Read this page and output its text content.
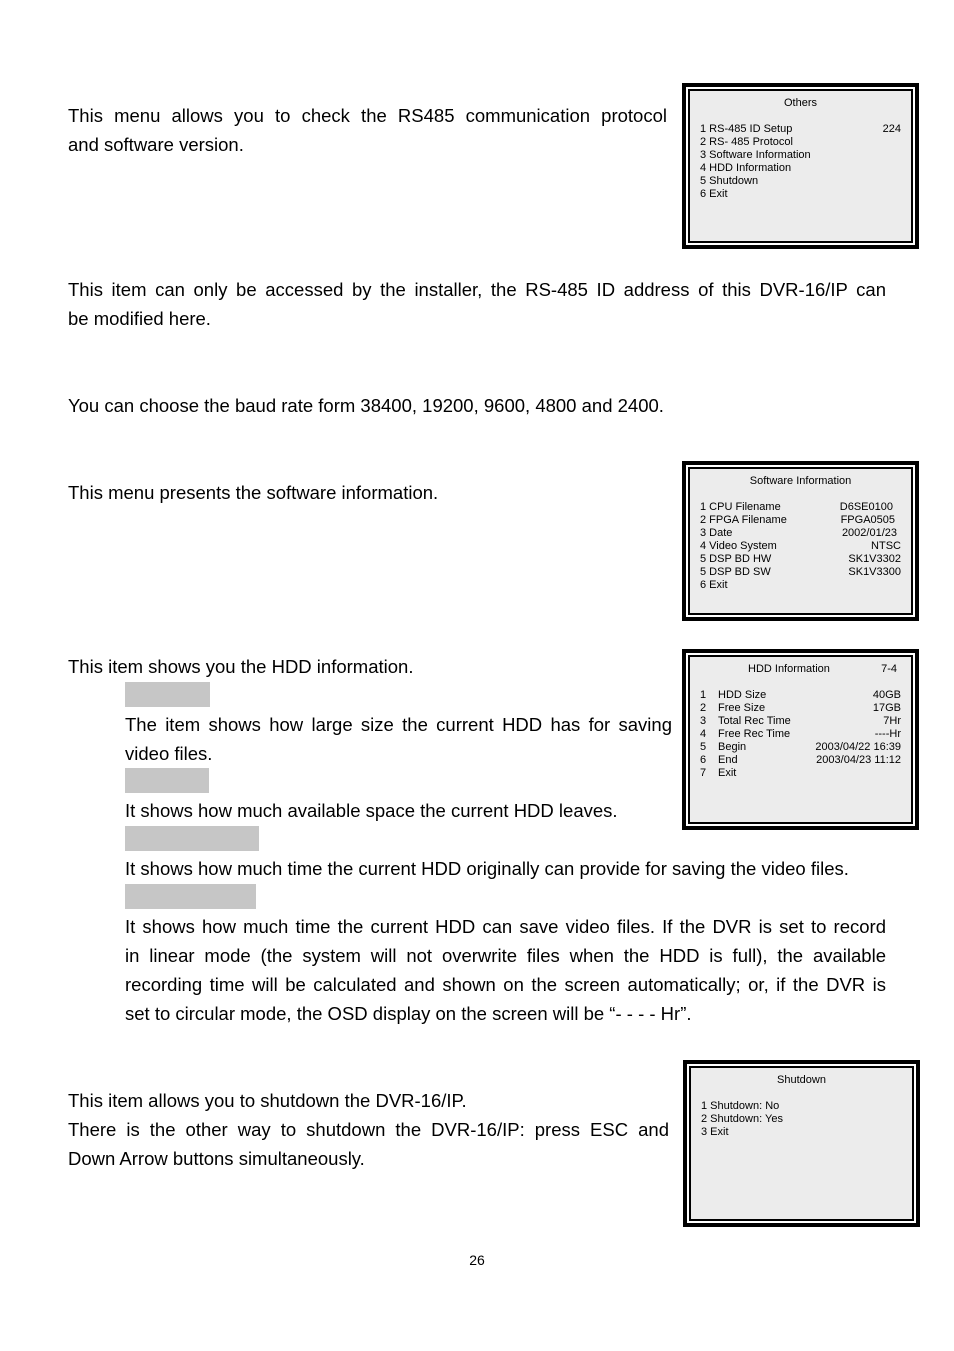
This menu allows you to check the RS485 communication protocol
and software version.
This item can only be accessed by the installer, the RS-485 ID address of this DVR-16/IP can
be modified here.
You can choose the baud rate form 38400, 19200, 9600, 4800 and 2400.
This menu presents the software information.
This item shows you the HDD information.
The item shows how large size the current HDD has for saving
video files.
It shows how much available space the current HDD leaves.
It shows how much time the current HDD originally can provide for saving the video files.
It shows how much time the current HDD can save video files. If the DVR is set to record
in linear mode (the system will not overwrite files when the HDD is full), the available
recording time will be calculated and shown on the screen automatically; or, if the DVR is
set to circular mode, the OSD display on the screen will be “- - - - Hr”.
This item allows you to shutdown the DVR-16/IP.
There is the other way to shutdown the DVR-16/IP: press ESC and
Down Arrow buttons simultaneously.
Others
1 RS-485 ID Setup	224
2 RS- 485 Protocol
3 Software Information
4 HDD Information
5 Shutdown
6 Exit
Software Information
1 CPU Filename	D6SE0100
2 FPGA Filename	FPGA0505
3 Date	2002/01/23
4 Video System	NTSC
5 DSP BD HW	SK1V3302
5 DSP BD SW	SK1V3300
6 Exit
HDD Information	7-4
1	HDD Size	40GB
2	Free Size	17GB
3	Total Rec Time	7Hr
4	Free Rec Time	----Hr
5	Begin	2003/04/22 16:39
6	End	2003/04/23 11:12
7	Exit
Shutdown
1 Shutdown: No
2 Shutdown: Yes
3 Exit
26
